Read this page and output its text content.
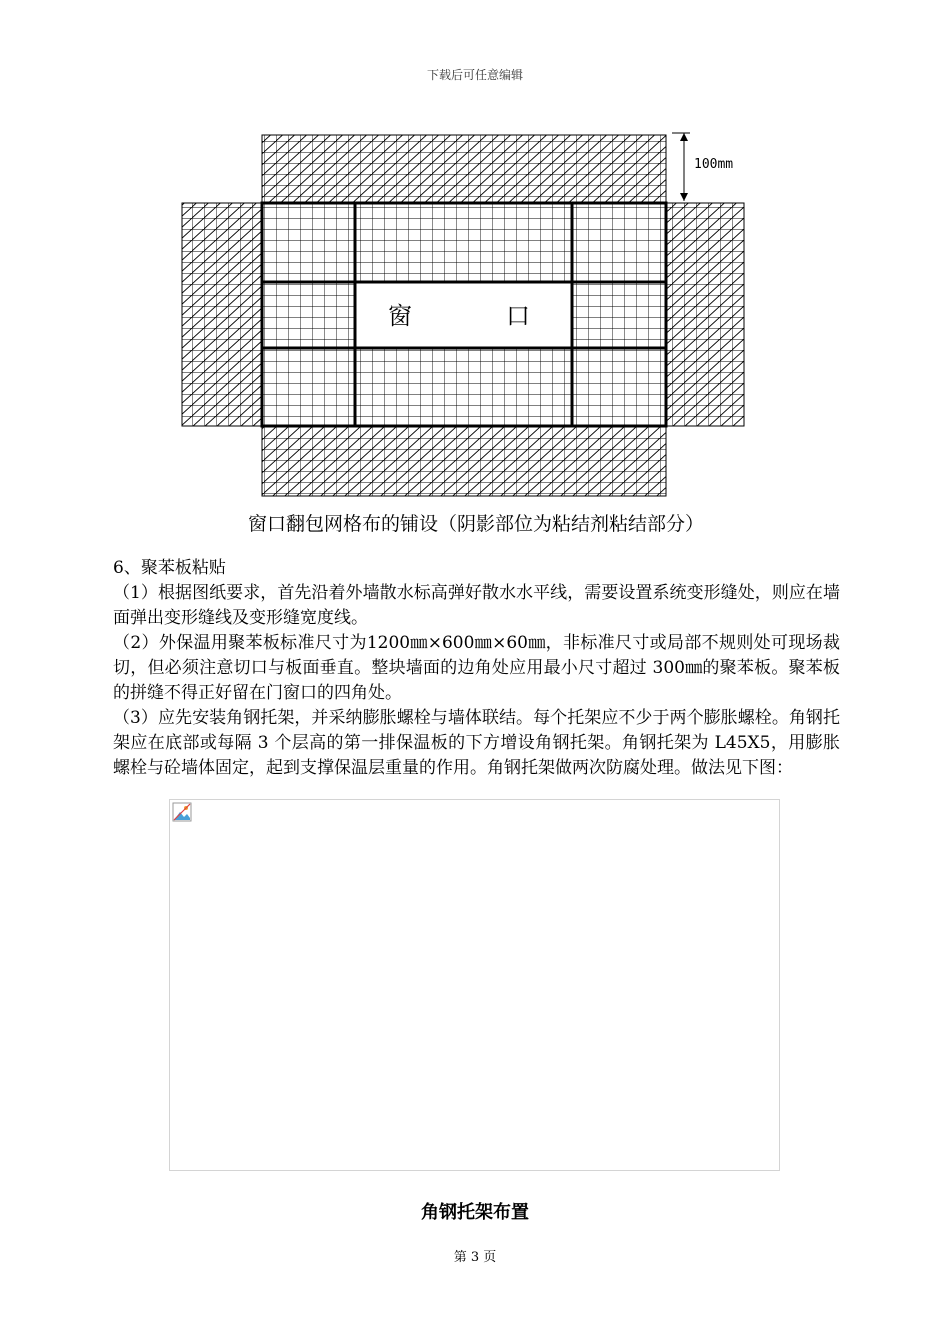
下载后可任意编辑
窗	口
100mm
窗口翻包网格布的铺设（阴影部位为粘结剂粘结部分）

6、聚苯板粘贴

（1）根据图纸要求，首先沿着外墙散水标高弹好散水水平线，需要设置系统变形缝处，则应在墙面弹出变形缝线及变形缝宽度线。

（2）外保温用聚苯板标准尺寸为1200㎜×600㎜×60㎜，非标准尺寸或局部不规则处可现场裁切，但必须注意切口与板面垂直。整块墙面的边角处应用最小尺寸超过 300㎜的聚苯板。聚苯板的拼缝不得正好留在门窗口的四角处。

（3）应先安装角钢托架，并采纳膨胀螺栓与墙体联结。每个托架应不少于两个膨胀螺栓。角钢托架应在底部或每隔 3 个层高的第一排保温板的下方增设角钢托架。角钢托架为 L45X5，用膨胀螺栓与砼墙体固定，起到支撑保温层重量的作用。角钢托架做两次防腐处理。做法见下图：

角钢托架布置
第 3 页
